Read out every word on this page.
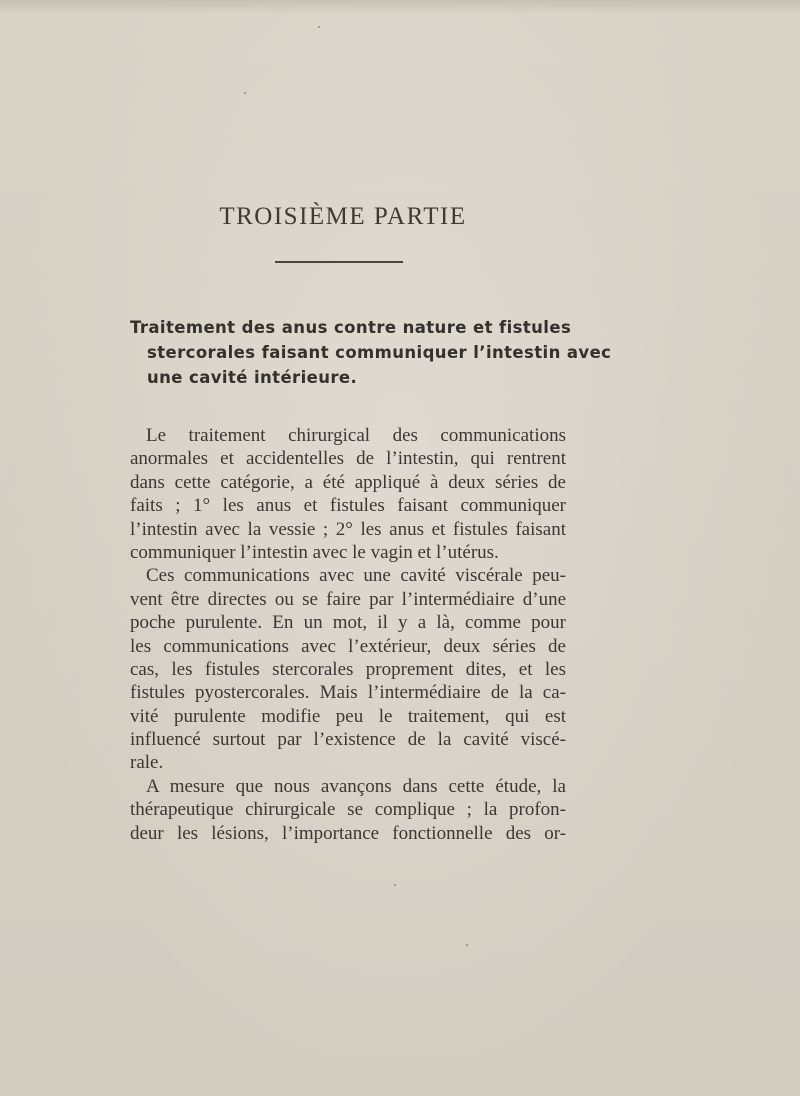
TROISIÈME PARTIE
Traitement des anus contre nature et fistules
stercorales faisant communiquer l’intestin avec
une cavité intérieure.
Le traitement chirurgical des communications
anormales et accidentelles de l’intestin, qui rentrent
dans cette catégorie, a été appliqué à deux séries de
faits ; 1° les anus et fistules faisant communiquer
l’intestin avec la vessie ; 2° les anus et fistules faisant
communiquer l’intestin avec le vagin et l’utérus.
Ces communications avec une cavité viscérale peu-
vent être directes ou se faire par l’intermédiaire d’une
poche purulente. En un mot, il y a là, comme pour
les communications avec l’extérieur, deux séries de
cas, les fistules stercorales proprement dites, et les
fistules pyostercorales. Mais l’intermédiaire de la ca-
vité purulente modifie peu le traitement, qui est
influencé surtout par l’existence de la cavité viscé-
rale.
A mesure que nous avançons dans cette étude, la
thérapeutique chirurgicale se complique ; la profon-
deur les lésions, l’importance fonctionnelle des or-
